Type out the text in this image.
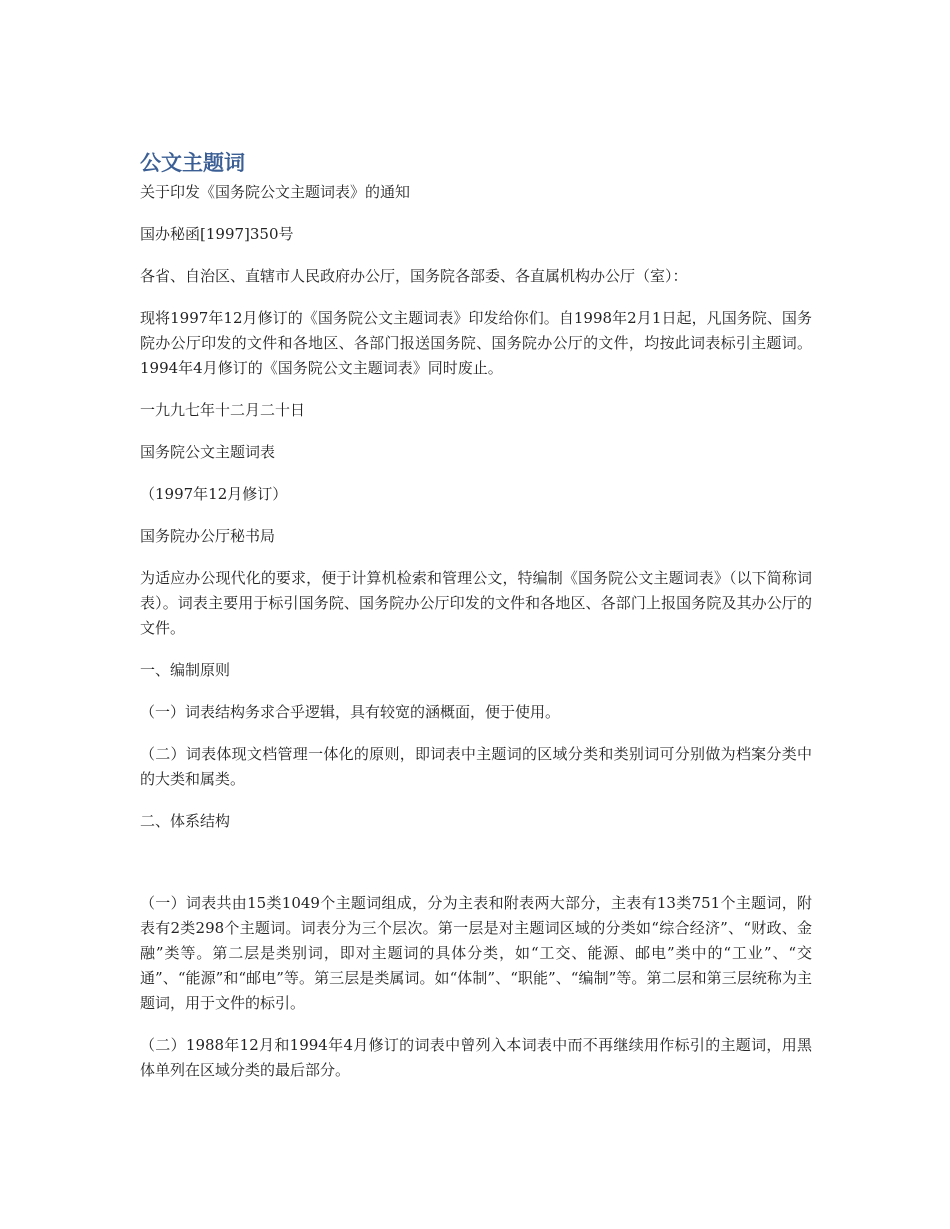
公文主题词

关于印发《国务院公文主题词表》的通知

国办秘函[1997]350号

各省、自治区、直辖市人民政府办公厅，国务院各部委、各直属机构办公厅（室）：

现将1997年12月修订的《国务院公文主题词表》印发给你们。自1998年2月1日起，凡国务院、国务院办公厅印发的文件和各地区、各部门报送国务院、国务院办公厅的文件，均按此词表标引主题词。1994年4月修订的《国务院公文主题词表》同时废止。

一九九七年十二月二十日

国务院公文主题词表

（1997年12月修订）

国务院办公厅秘书局

为适应办公现代化的要求，便于计算机检索和管理公文，特编制《国务院公文主题词表》（以下简称词表）。词表主要用于标引国务院、国务院办公厅印发的文件和各地区、各部门上报国务院及其办公厅的文件。

一、编制原则

（一）词表结构务求合乎逻辑，具有较宽的涵概面，便于使用。

（二）词表体现文档管理一体化的原则，即词表中主题词的区域分类和类别词可分别做为档案分类中的大类和属类。

二、体系结构

（一）词表共由15类1049个主题词组成，分为主表和附表两大部分，主表有13类751个主题词，附表有2类298个主题词。词表分为三个层次。第一层是对主题词区域的分类如“综合经济”、“财政、金融”类等。第二层是类别词，即对主题词的具体分类，如“工交、能源、邮电”类中的“工业”、“交通”、“能源”和“邮电”等。第三层是类属词。如“体制”、“职能”、“编制”等。第二层和第三层统称为主题词，用于文件的标引。

（二）1988年12月和1994年4月修订的词表中曾列入本词表中而不再继续用作标引的主题词，用黑体单列在区域分类的最后部分。
